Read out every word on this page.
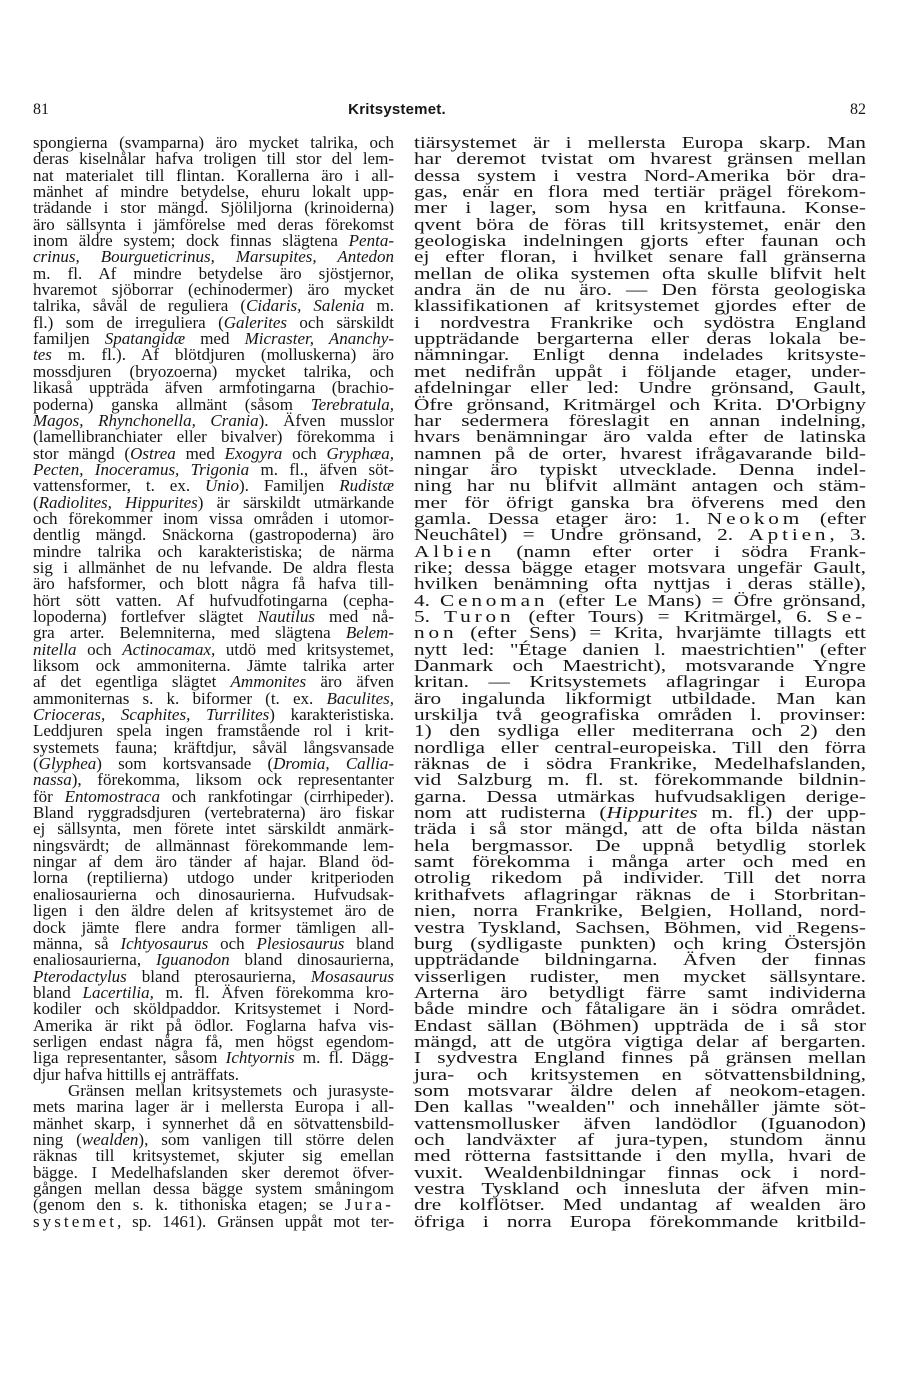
81	Kritsystemet.	82
spongierna (svamparna) äro mycket talrika, och
deras kiselnålar hafva troligen till stor del lem-
nat materialet till flintan. Korallerna äro i all-
mänhet af mindre betydelse, ehuru lokalt upp-
trädande i stor mängd. Sjöliljorna (krinoiderna)
äro sällsynta i jämförelse med deras förekomst
inom äldre system; dock finnas slägtena Penta-
crinus, Bourgueticrinus, Marsupites, Antedon
m. fl. Af mindre betydelse äro sjöstjernor,
hvaremot sjöborrar (echinodermer) äro mycket
talrika, såväl de reguliera (Cidaris, Salenia m.
fl.) som de irreguliera (Galerites och särskildt
familjen Spatangidæ med Micraster, Ananchy-
tes m. fl.). Af blötdjuren (molluskerna) äro
mossdjuren (bryozoerna) mycket talrika, och
likaså uppträda äfven armfotingarna (brachio-
poderna) ganska allmänt (såsom Terebratula,
Magos, Rhynchonella, Crania). Äfven musslor
(lamellibranchiater eller bivalver) förekomma i
stor mängd (Ostrea med Exogyra och Gryphæa,
Pecten, Inoceramus, Trigonia m. fl., äfven söt-
vattensformer, t. ex. Unio). Familjen Rudistæ
(Radiolites, Hippurites) är särskildt utmärkande
och förekommer inom vissa områden i utomor-
dentlig mängd. Snäckorna (gastropoderna) äro
mindre talrika och karakteristiska; de närma
sig i allmänhet de nu lefvande. De aldra flesta
äro hafsformer, och blott några få hafva till-
hört sött vatten. Af hufvudfotingarna (cepha-
lopoderna) fortlefver slägtet Nautilus med nå-
gra arter. Belemniterna, med slägtena Belem-
nitella och Actinocamax, utdö med kritsystemet,
liksom ock ammoniterna. Jämte talrika arter
af det egentliga slägtet Ammonites äro äfven
ammoniternas s. k. biformer (t. ex. Baculites,
Crioceras, Scaphites, Turrilites) karakteristiska.
Leddjuren spela ingen framstående rol i krit-
systemets fauna; kräftdjur, såväl långsvansade
(Glyphea) som kortsvansade (Dromia, Callia-
nassa), förekomma, liksom ock representanter
för Entomostraca och rankfotingar (cirrhipeder).
Bland ryggradsdjuren (vertebraterna) äro fiskar
ej sällsynta, men förete intet särskildt anmärk-
ningsvärdt; de allmännast förekommande lem-
ningar af dem äro tänder af hajar. Bland öd-
lorna (reptilierna) utdogo under kritperioden
enaliosaurierna och dinosaurierna. Hufvudsak-
ligen i den äldre delen af kritsystemet äro de
dock jämte flere andra former tämligen all-
männa, så Ichtyosaurus och Plesiosaurus bland
enaliosaurierna, Iguanodon bland dinosaurierna,
Pterodactylus bland pterosaurierna, Mosasaurus
bland Lacertilia, m. fl. Äfven förekomma kro-
kodiler och sköldpaddor. Kritsystemet i Nord-
Amerika är rikt på ödlor. Foglarna hafva vis-
serligen endast några få, men högst egendom-
liga representanter, såsom Ichtyornis m. fl. Dägg-
djur hafva hittills ej anträffats.
Gränsen mellan kritsystemets och jurasyste-
mets marina lager är i mellersta Europa i all-
mänhet skarp, i synnerhet då en sötvattensbild-
ning (wealden), som vanligen till större delen
räknas till kritsystemet, skjuter sig emellan
bägge. I Medelhafslanden sker deremot öfver-
gången mellan dessa bägge system småningom
(genom den s. k. tithoniska etagen; se Jura-
systemet, sp. 1461). Gränsen uppåt mot ter-
tiärsystemet är i mellersta Europa skarp. Man
har deremot tvistat om hvarest gränsen mellan
dessa system i vestra Nord-Amerika bör dra-
gas, enär en flora med tertiär prägel förekom-
mer i lager, som hysa en kritfauna. Konse-
qvent böra de föras till kritsystemet, enär den
geologiska indelningen gjorts efter faunan och
ej efter floran, i hvilket senare fall gränserna
mellan de olika systemen ofta skulle blifvit helt
andra än de nu äro. — Den första geologiska
klassifikationen af kritsystemet gjordes efter de
i nordvestra Frankrike och sydöstra England
uppträdande bergarterna eller deras lokala be-
nämningar. Enligt denna indelades kritsyste-
met nedifrån uppåt i följande etager, under-
afdelningar eller led: Undre grönsand, Gault,
Öfre grönsand, Kritmärgel och Krita. D'Orbigny
har sedermera föreslagit en annan indelning,
hvars benämningar äro valda efter de latinska
namnen på de orter, hvarest ifrågavarande bild-
ningar äro typiskt utvecklade. Denna indel-
ning har nu blifvit allmänt antagen och stäm-
mer för öfrigt ganska bra öfverens med den
gamla. Dessa etager äro: 1. Neokom (efter
Neuchâtel) = Undre grönsand, 2. Aptien, 3.
Albien (namn efter orter i södra Frank-
rike; dessa bägge etager motsvara ungefär Gault,
hvilken benämning ofta nyttjas i deras ställe),
4. Cenoman (efter Le Mans) = Öfre grönsand,
5. Turon (efter Tours) = Kritmärgel, 6. Se-
non (efter Sens) = Krita, hvarjämte tillagts ett
nytt led: "Étage danien l. maestrichtien" (efter
Danmark och Maestricht), motsvarande Yngre
kritan. — Kritsystemets aflagringar i Europa
äro ingalunda likformigt utbildade. Man kan
urskilja två geografiska områden l. provinser:
1) den sydliga eller mediterrana och 2) den
nordliga eller central-europeiska. Till den förra
räknas de i södra Frankrike, Medelhafslanden,
vid Salzburg m. fl. st. förekommande bildnin-
garna. Dessa utmärkas hufvudsakligen derige-
nom att rudisterna (Hippurites m. fl.) der upp-
träda i så stor mängd, att de ofta bilda nästan
hela bergmassor. De uppnå betydlig storlek
samt förekomma i många arter och med en
otrolig rikedom på individer. Till det norra
krithafvets aflagringar räknas de i Storbritan-
nien, norra Frankrike, Belgien, Holland, nord-
vestra Tyskland, Sachsen, Böhmen, vid Regens-
burg (sydligaste punkten) och kring Östersjön
uppträdande bildningarna. Äfven der finnas
visserligen rudister, men mycket sällsyntare.
Arterna äro betydligt färre samt individerna
både mindre och fåtaligare än i södra området.
Endast sällan (Böhmen) uppträda de i så stor
mängd, att de utgöra vigtiga delar af bergarten.
I sydvestra England finnes på gränsen mellan
jura- och kritsystemen en sötvattensbildning,
som motsvarar äldre delen af neokom-etagen.
Den kallas "wealden" och innehåller jämte söt-
vattensmollusker äfven landödlor (Iguanodon)
och landväxter af jura-typen, stundom ännu
med rötterna fastsittande i den mylla, hvari de
vuxit. Wealdenbildningar finnas ock i nord-
vestra Tyskland och innesluta der äfven min-
dre kolflötser. Med undantag af wealden äro
öfriga i norra Europa förekommande kritbild-
